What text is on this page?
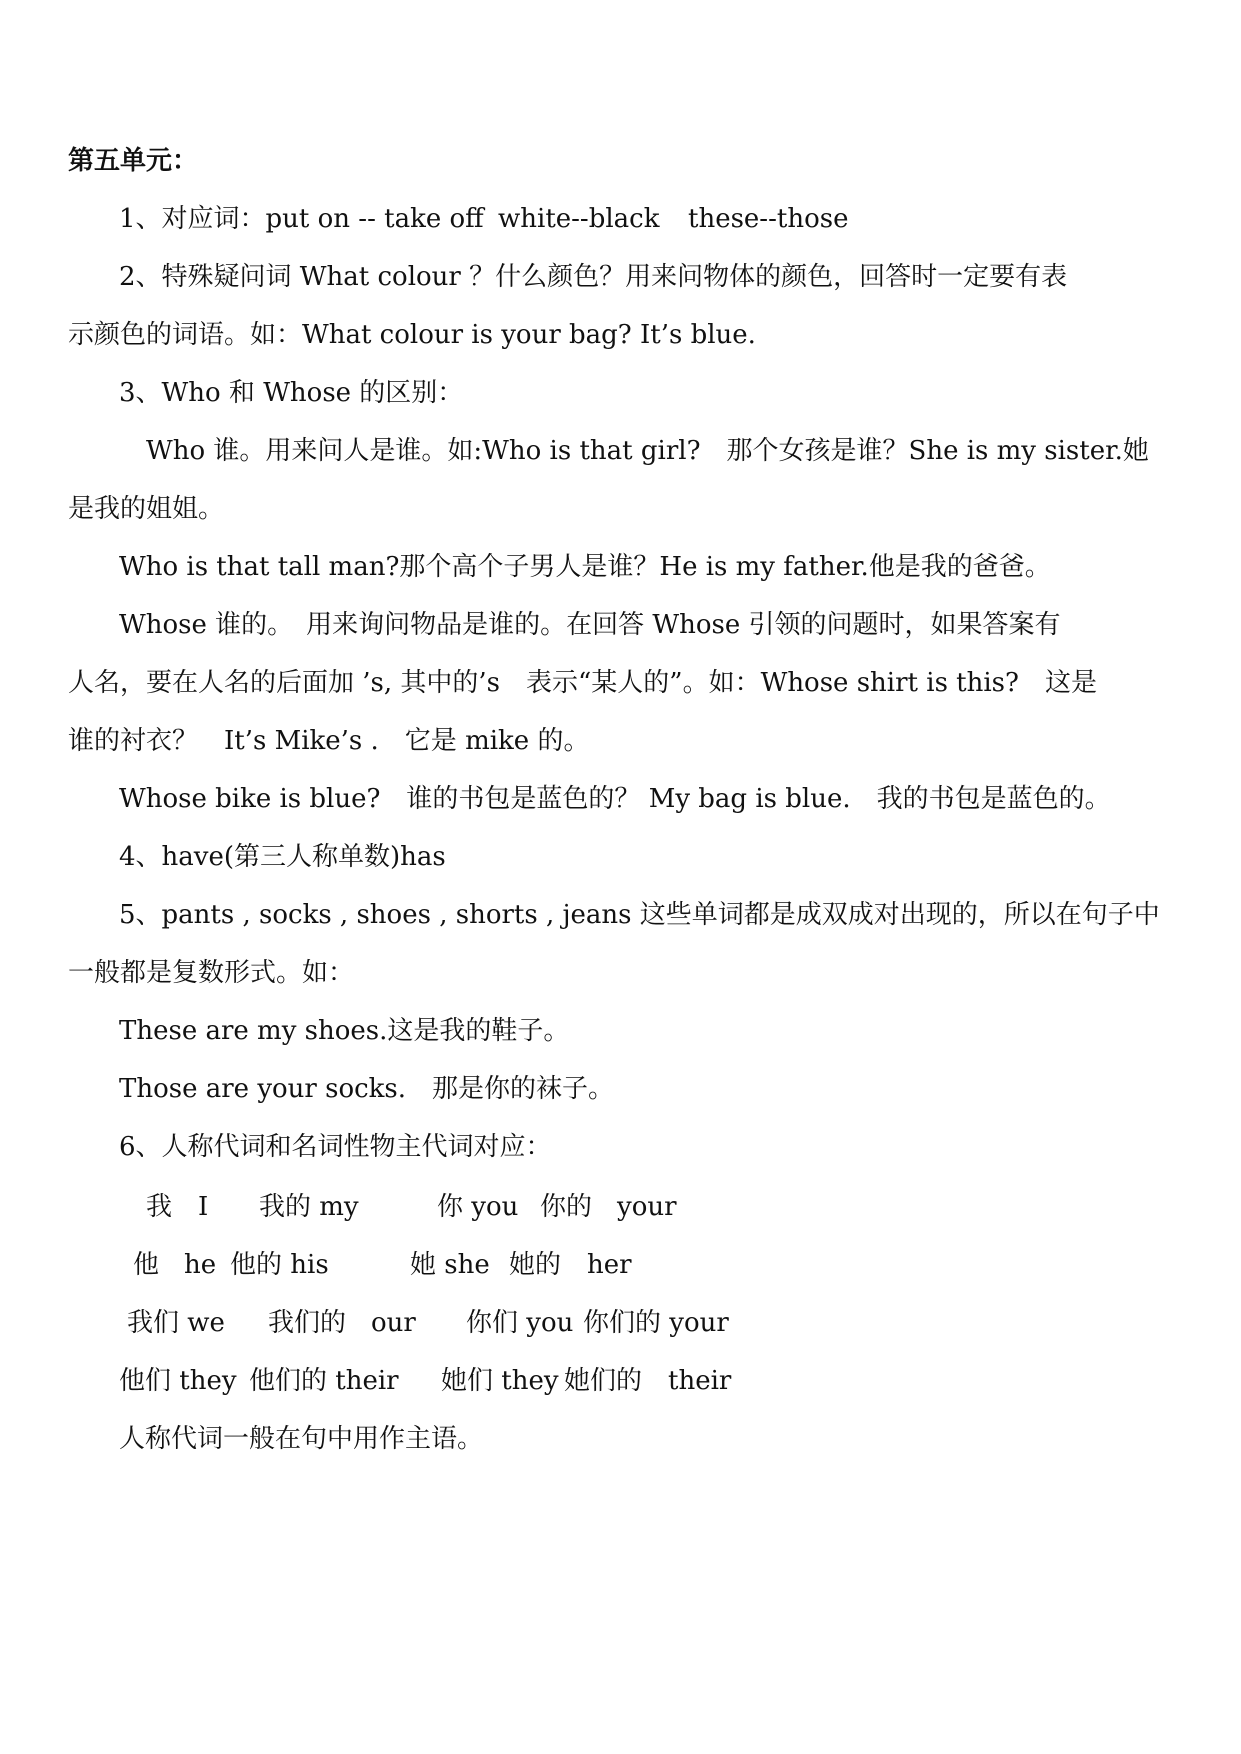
第五单元：
1、对应词：put on -- take off white--black these--those
2、特殊疑问词 What colour ？什么颜色？用来问物体的颜色，回答时一定要有表
示颜色的词语。如：What colour is your bag? It’s blue.
3、Who 和 Whose 的区别：
Who 谁。用来问人是谁。如:Who is that girl?　那个女孩是谁？She is my sister.她
是我的姐姐。
Who is that tall man?那个高个子男人是谁？He is my father.他是我的爸爸。
Whose 谁的。　用来询问物品是谁的。在回答 Whose 引领的问题时，如果答案有
人名，要在人名的后面加 ’s, 其中的’s　表示“某人的”。如：Whose shirt is this?　这是
谁的衬衣？　It’s Mike’s .　它是 mike 的。
Whose bike is blue?　谁的书包是蓝色的？ My bag is blue.　我的书包是蓝色的。
4、have(第三人称单数)has
5、pants , socks , shoes , shorts , jeans 这些单词都是成双成对出现的，所以在句子中
一般都是复数形式。如：
These are my shoes.这是我的鞋子。
Those are your socks.　那是你的袜子。
6、人称代词和名词性物主代词对应：
我　I 我的 my	你 you 你的 your
他 he 他的 his	她 she 她的 her
我们 we 我们的 our 你们 you 你们的 your
他们 they 他们的 their 她们 they 她们的 their
人称代词一般在句中用作主语。
